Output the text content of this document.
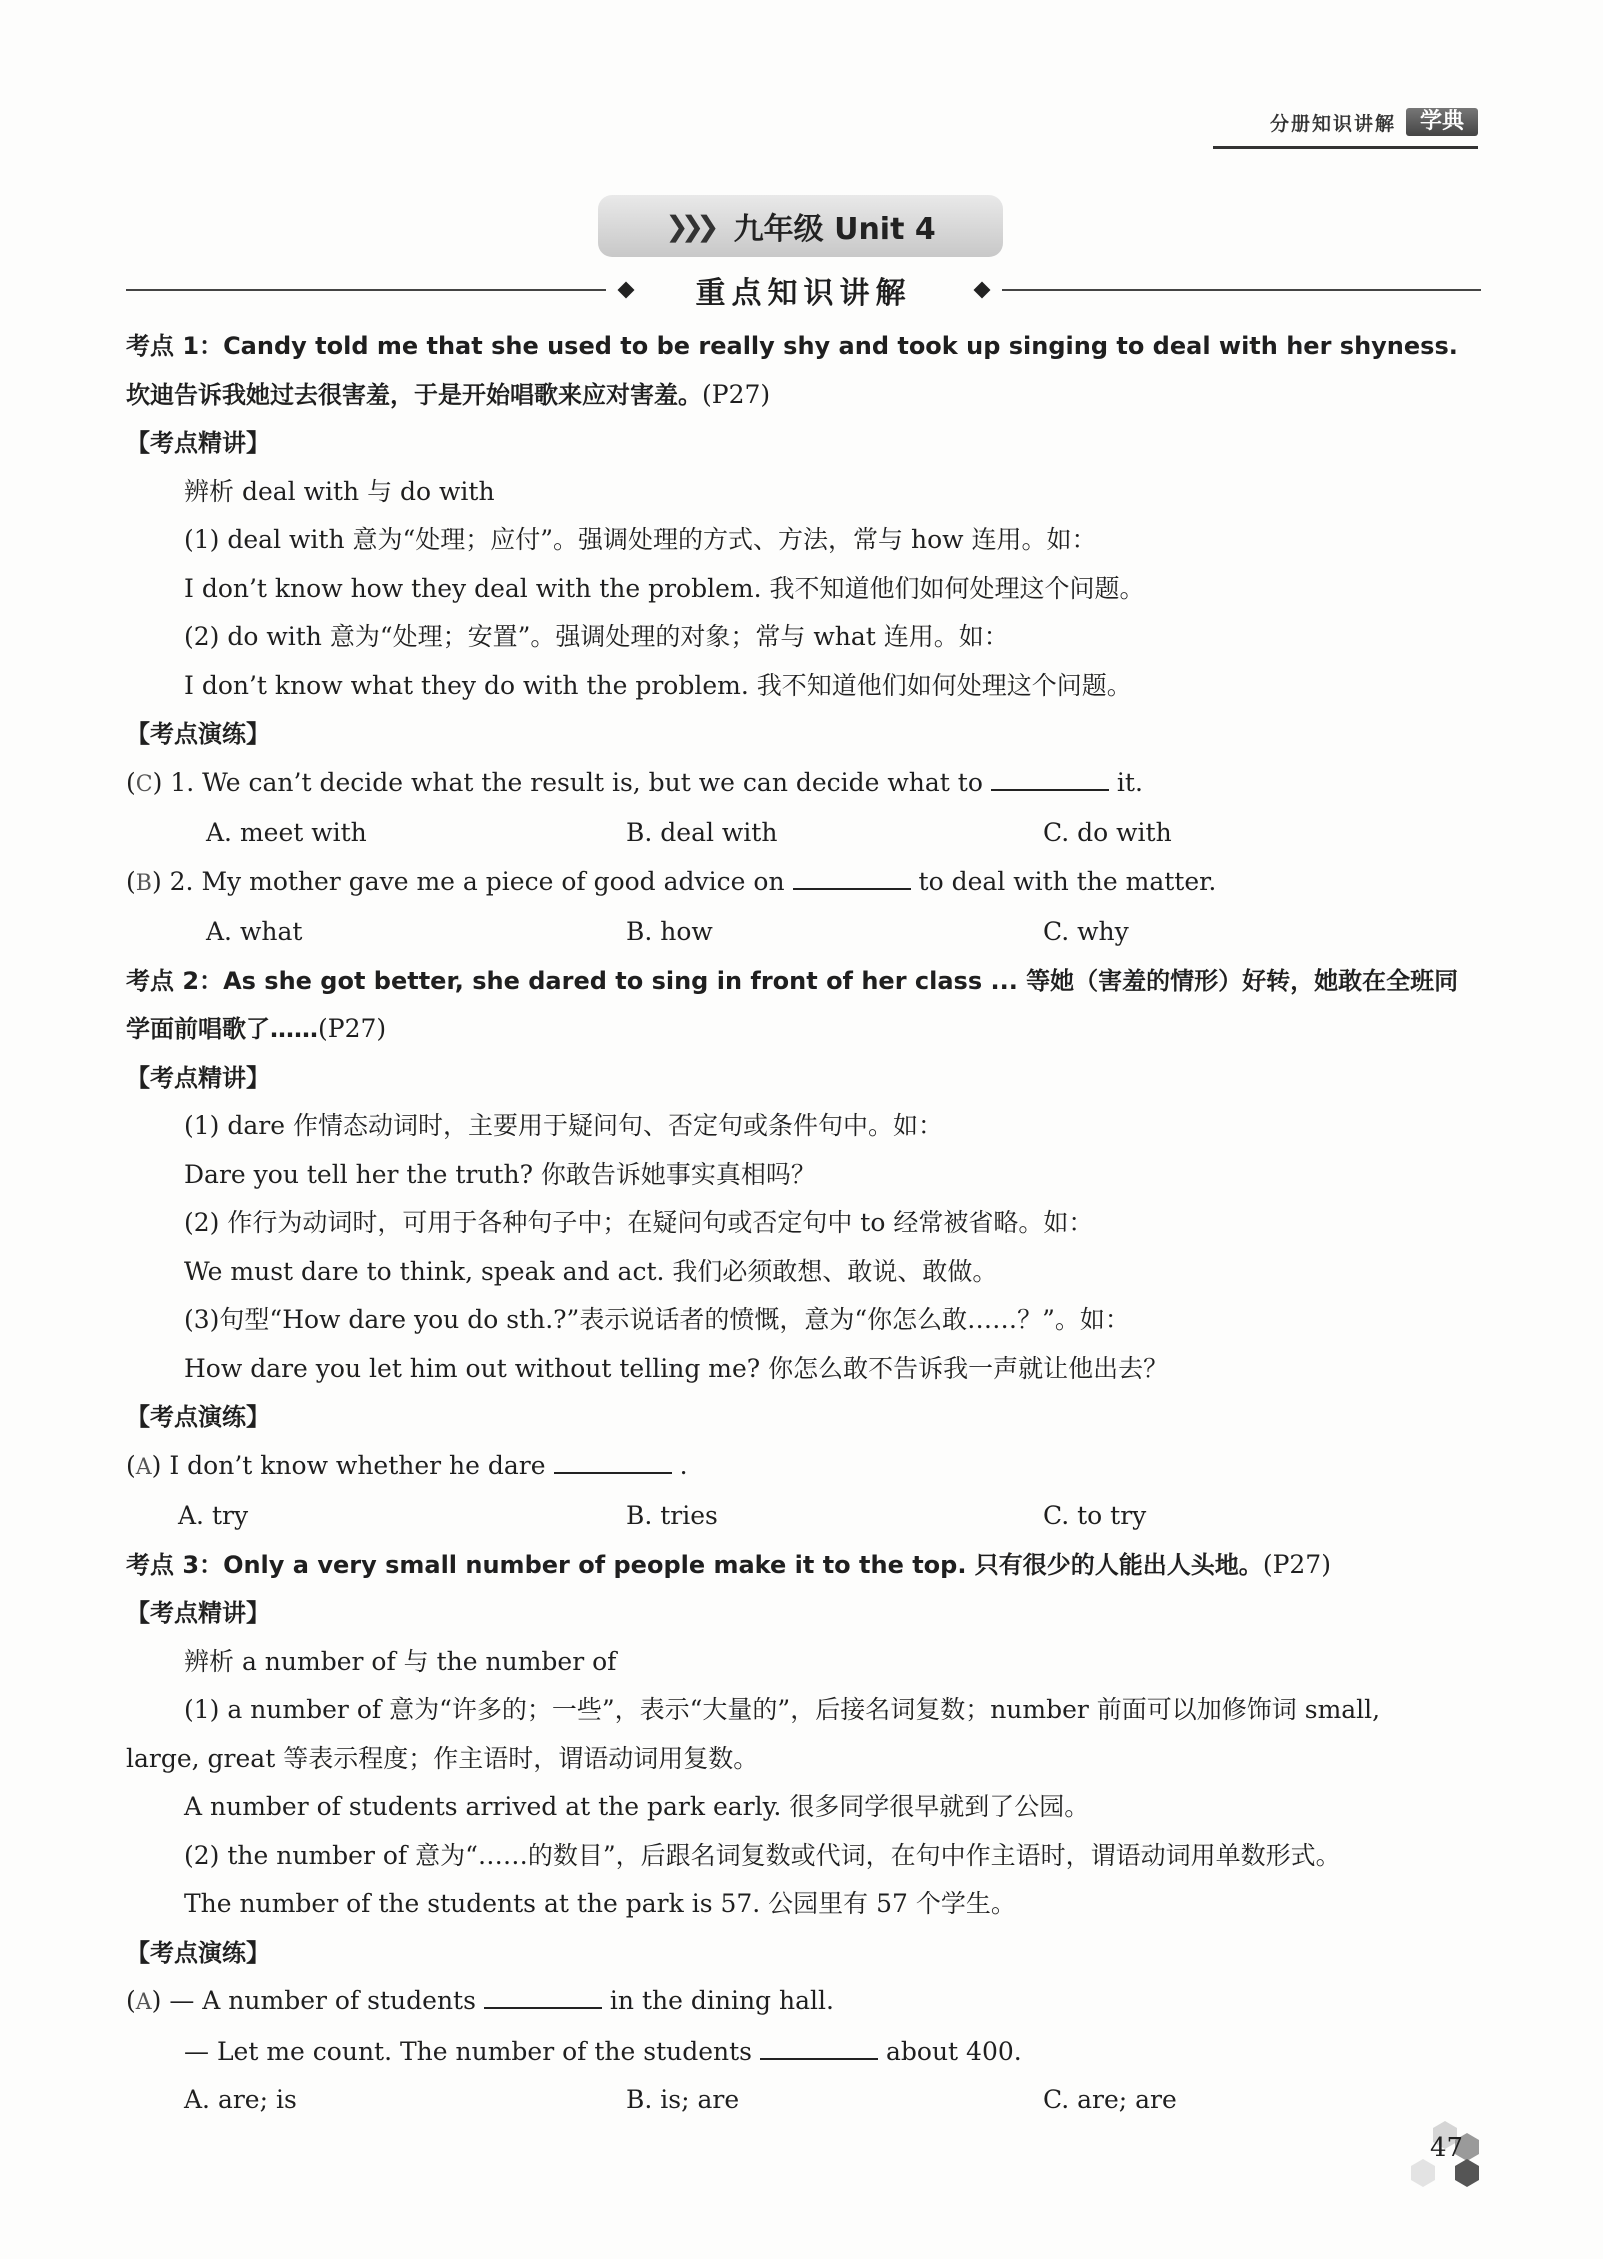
分册知识讲解	学典
❯❯❯ 九年级 Unit 4
重点知识讲解

考点 1：Candy told me that she used to be really shy and took up singing to deal with her shyness. 坎迪告诉我她过去很害羞，于是开始唱歌来应对害羞。(P27)

【考点精讲】

辨析 deal with 与 do with

(1) deal with 意为“处理；应付”。强调处理的方式、方法，常与 how 连用。如：

I don’t know how they deal with the problem. 我不知道他们如何处理这个问题。

(2) do with 意为“处理；安置”。强调处理的对象；常与 what 连用。如：

I don’t know what they do with the problem. 我不知道他们如何处理这个问题。

【考点演练】

(C) 1. We can’t decide what the result is, but we can decide what to	it.

A. meet with	B. deal with	C. do with

(B) 2. My mother gave me a piece of good advice on	to deal with the matter.

A. what	B. how	C. why

考点 2：As she got better, she dared to sing in front of her class ... 等她（害羞的情形）好转，她敢在全班同学面前唱歌了……(P27)

【考点精讲】

(1) dare 作情态动词时，主要用于疑问句、否定句或条件句中。如：

Dare you tell her the truth? 你敢告诉她事实真相吗？

(2) 作行为动词时，可用于各种句子中；在疑问句或否定句中 to 经常被省略。如：

We must dare to think, speak and act. 我们必须敢想、敢说、敢做。

(3)句型“How dare you do sth.?”表示说话者的愤慨，意为“你怎么敢……？”。如：

How dare you let him out without telling me? 你怎么敢不告诉我一声就让他出去？

【考点演练】

(A) I don’t know whether he dare	.

A. try	B. tries	C. to try

考点 3：Only a very small number of people make it to the top. 只有很少的人能出人头地。(P27)

【考点精讲】

辨析 a number of 与 the number of

(1) a number of 意为“许多的；一些”，表示“大量的”，后接名词复数；number 前面可以加修饰词 small,

large, great 等表示程度；作主语时，谓语动词用复数。

A number of students arrived at the park early. 很多同学很早就到了公园。

(2) the number of 意为“……的数目”，后跟名词复数或代词，在句中作主语时，谓语动词用单数形式。

The number of the students at the park is 57. 公园里有 57 个学生。

【考点演练】

(A) — A number of students	in the dining hall.

— Let me count. The number of the students	about 400.

A. are; is	B. is; are	C. are; are

47
